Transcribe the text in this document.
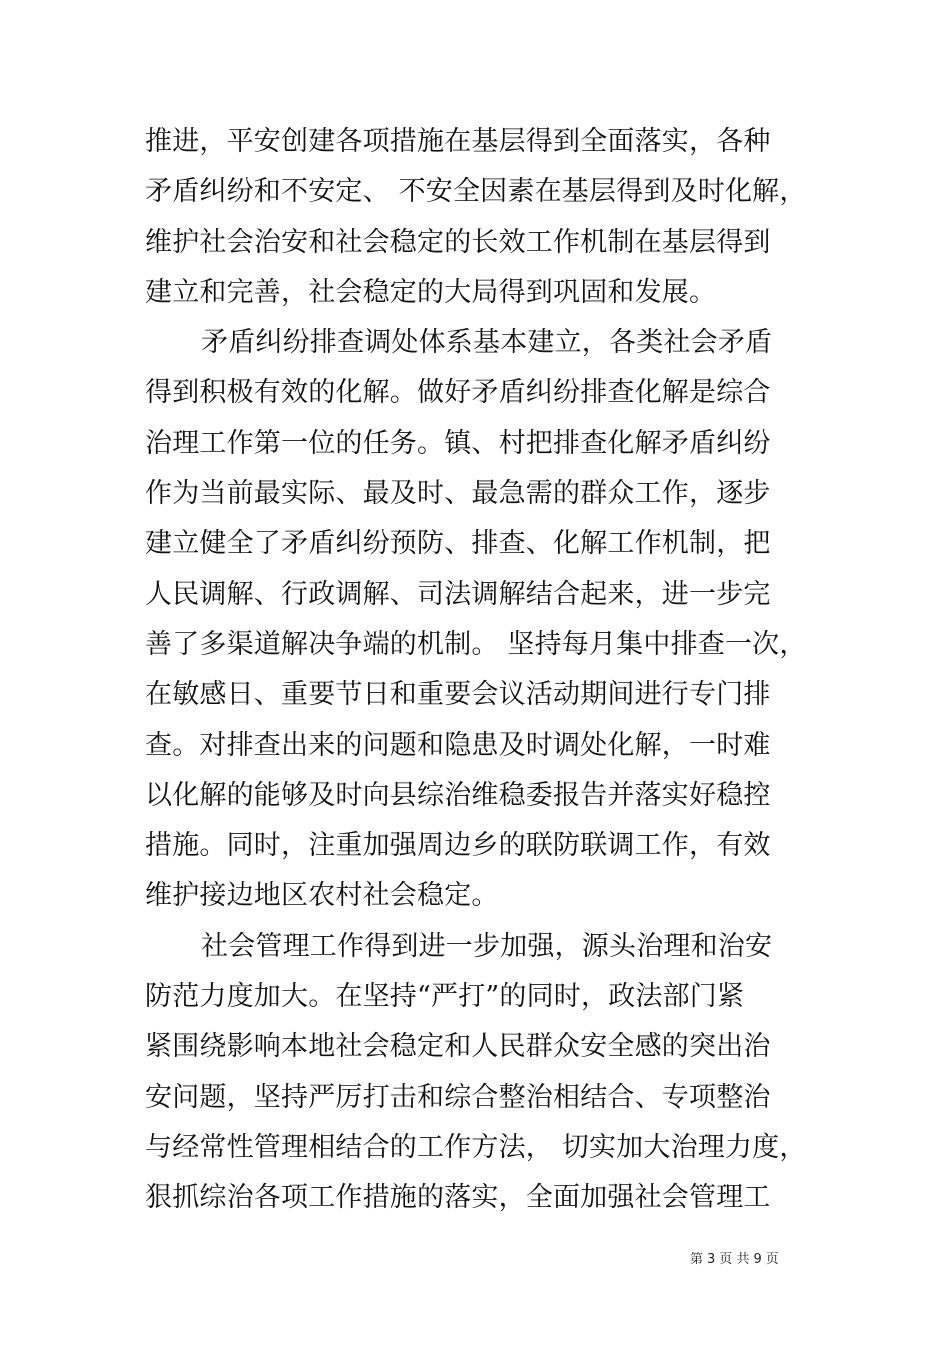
推进，平安创建各项措施在基层得到全面落实，各种
矛盾纠纷和不安定、 不安全因素在基层得到及时化解，
维护社会治安和社会稳定的长效工作机制在基层得到
建立和完善，社会稳定的大局得到巩固和发展。
矛盾纠纷排查调处体系基本建立，各类社会矛盾
得到积极有效的化解。做好矛盾纠纷排查化解是综合
治理工作第一位的任务。镇、村把排查化解矛盾纠纷
作为当前最实际、最及时、最急需的群众工作，逐步
建立健全了矛盾纠纷预防、排查、化解工作机制，把
人民调解、行政调解、司法调解结合起来，进一步完
善了多渠道解决争端的机制。 坚持每月集中排查一次，
在敏感日、重要节日和重要会议活动期间进行专门排
查。对排查出来的问题和隐患及时调处化解，一时难
以化解的能够及时向县综治维稳委报告并落实好稳控
措施。同时，注重加强周边乡的联防联调工作，有效
维护接边地区农村社会稳定。
社会管理工作得到进一步加强，源头治理和治安
防范力度加大。在坚持“严打”的同时，政法部门紧
紧围绕影响本地社会稳定和人民群众安全感的突出治
安问题，坚持严厉打击和综合整治相结合、专项整治
与经常性管理相结合的工作方法， 切实加大治理力度，
狠抓综治各项工作措施的落实，全面加强社会管理工
第 3 页 共 9 页
